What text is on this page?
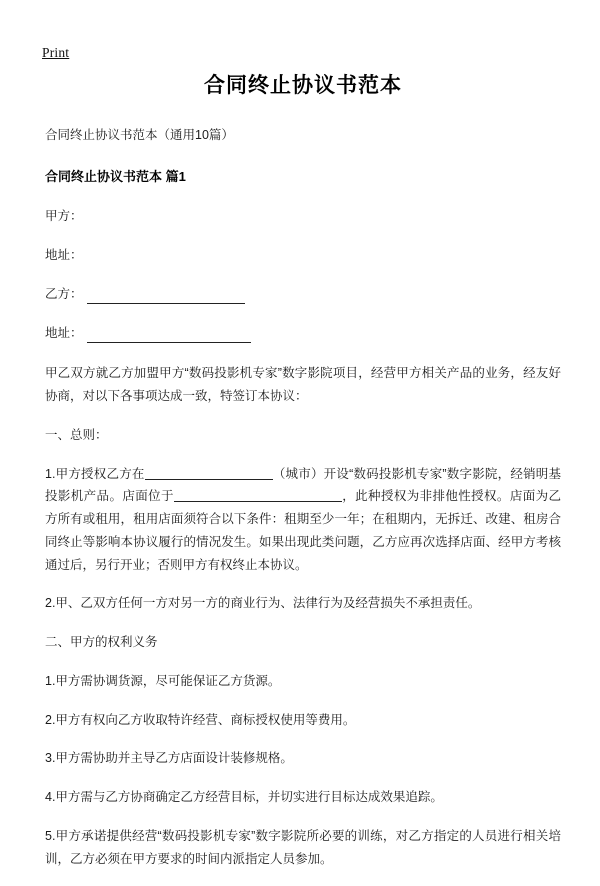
Print
合同终止协议书范本

合同终止协议书范本（通用10篇）

合同终止协议书范本 篇1

甲方：
地址：
乙方：
地址：

甲乙双方就乙方加盟甲方“数码投影机专家”数字影院项目，经营甲方相关产品的业务，经友好协商，对以下各事项达成一致，特签订本协议：

一、总则：

1.甲方授权乙方在	（城市）开设“数码投影机专家”数字影院，经销明基投影机产品。店面位于	，此种授权为非排他性授权。店面为乙方所有或租用，租用店面须符合以下条件：租期至少一年；在租期内，无拆迁、改建、租房合同终止等影响本协议履行的情况发生。如果出现此类问题，乙方应再次选择店面、经甲方考核通过后，另行开业；否则甲方有权终止本协议。

2.甲、乙双方任何一方对另一方的商业行为、法律行为及经营损失不承担责任。

二、甲方的权利义务

1.甲方需协调货源，尽可能保证乙方货源。

2.甲方有权向乙方收取特许经营、商标授权使用等费用。

3.甲方需协助并主导乙方店面设计装修规格。

4.甲方需与乙方协商确定乙方经营目标，并切实进行目标达成效果追踪。

5.甲方承诺提供经营“数码投影机专家”数字影院所必要的训练，对乙方指定的人员进行相关培训，乙方必须在甲方要求的时间内派指定人员参加。
